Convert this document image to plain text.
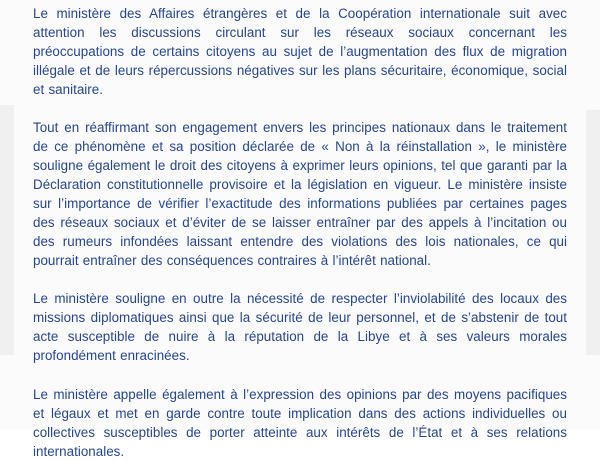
Le ministère des Affaires étrangères et de la Coopération internationale suit avec attention les discussions circulant sur les réseaux sociaux concernant les préoccupations de certains citoyens au sujet de l’augmentation des flux de migration illégale et de leurs répercussions négatives sur les plans sécuritaire, économique, social et sanitaire.

Tout en réaffirmant son engagement envers les principes nationaux dans le traitement de ce phénomène et sa position déclarée de « Non à la réinstallation », le ministère souligne également le droit des citoyens à exprimer leurs opinions, tel que garanti par la Déclaration constitutionnelle provisoire et la législation en vigueur. Le ministère insiste sur l’importance de vérifier l’exactitude des informations publiées par certaines pages des réseaux sociaux et d’éviter de se laisser entraîner par des appels à l’incitation ou des rumeurs infondées laissant entendre des violations des lois nationales, ce qui pourrait entraîner des conséquences contraires à l’intérêt national.

Le ministère souligne en outre la nécessité de respecter l’inviolabilité des locaux des missions diplomatiques ainsi que la sécurité de leur personnel, et de s’abstenir de tout acte susceptible de nuire à la réputation de la Libye et à ses valeurs morales profondément enracinées.

Le ministère appelle également à l’expression des opinions par des moyens pacifiques et légaux et met en garde contre toute implication dans des actions individuelles ou collectives susceptibles de porter atteinte aux intérêts de l’État et à ses relations internationales.
